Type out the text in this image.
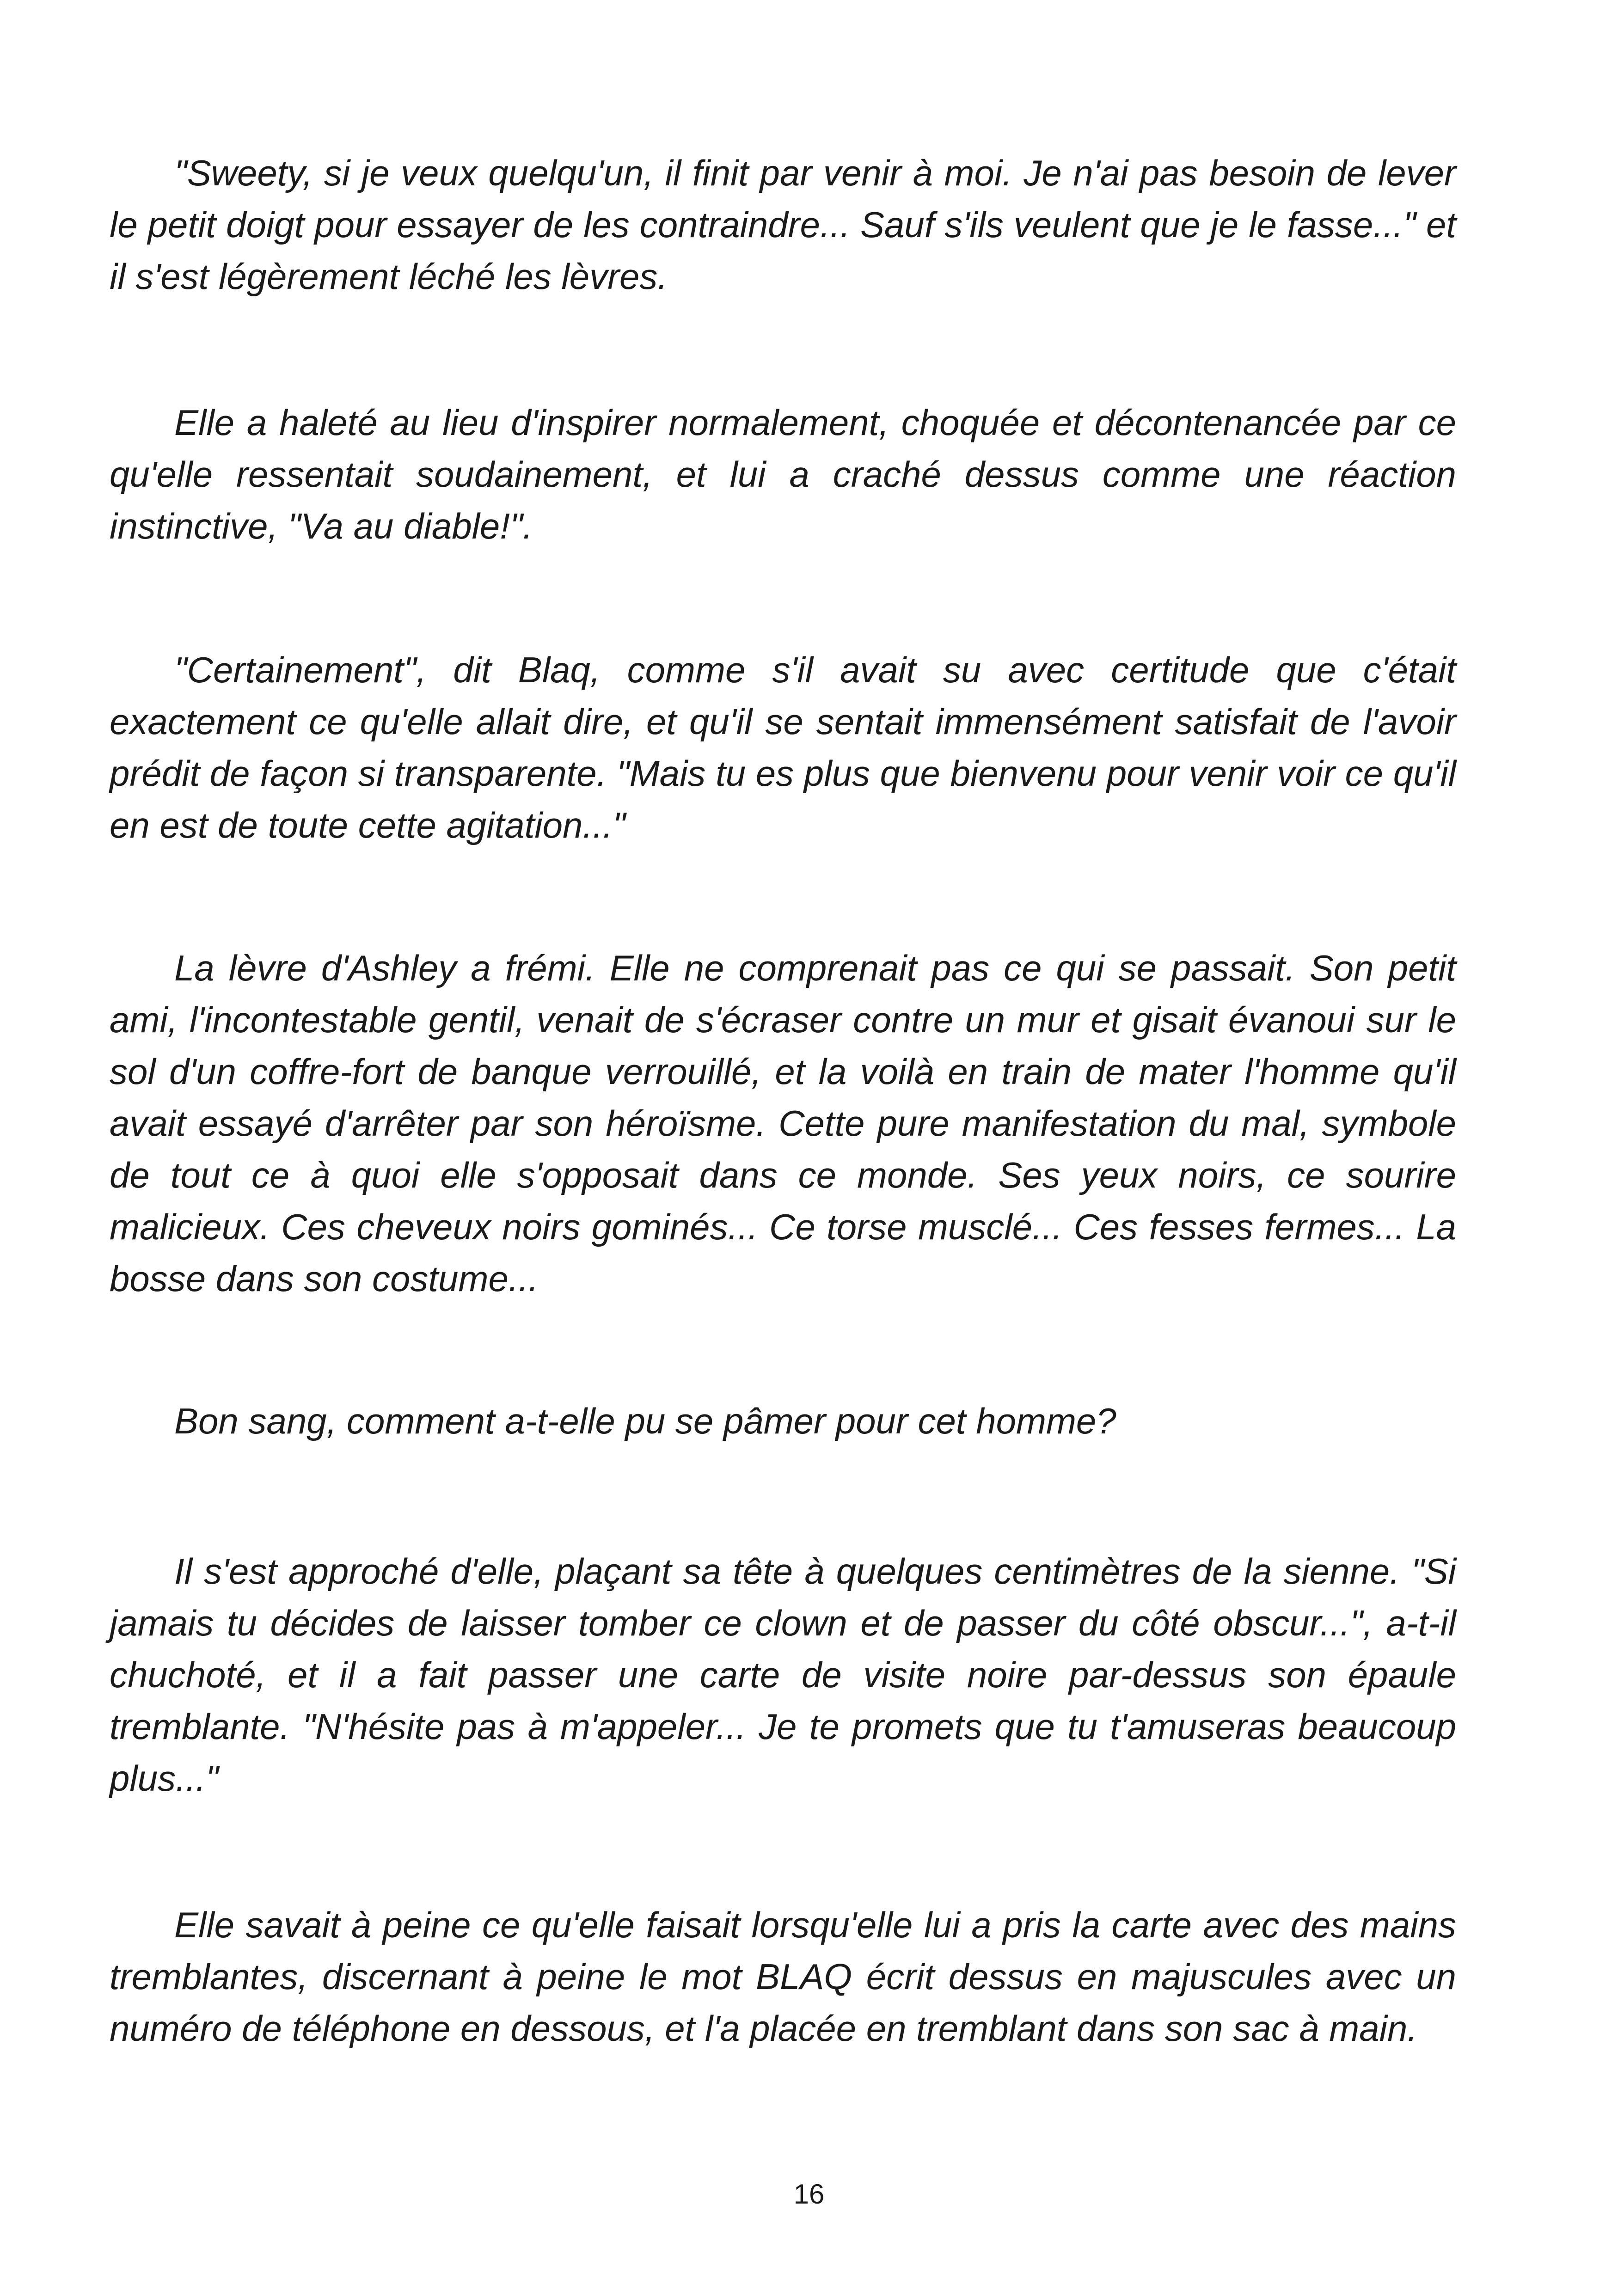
"Sweety, si je veux quelqu'un, il finit par venir à moi. Je n'ai pas besoin de lever le petit doigt pour essayer de les contraindre... Sauf s'ils veulent que je le fasse..." et il s'est légèrement léché les lèvres.

Elle a haleté au lieu d'inspirer normalement, choquée et décontenancée par ce qu'elle ressentait soudainement, et lui a craché dessus comme une réaction instinctive, "Va au diable!".

"Certainement", dit Blaq, comme s'il avait su avec certitude que c'était exactement ce qu'elle allait dire, et qu'il se sentait immensément satisfait de l'avoir prédit de façon si transparente. "Mais tu es plus que bienvenu pour venir voir ce qu'il en est de toute cette agitation..."

La lèvre d'Ashley a frémi. Elle ne comprenait pas ce qui se passait. Son petit ami, l'incontestable gentil, venait de s'écraser contre un mur et gisait évanoui sur le sol d'un coffre-fort de banque verrouillé, et la voilà en train de mater l'homme qu'il avait essayé d'arrêter par son héroïsme. Cette pure manifestation du mal, symbole de tout ce à quoi elle s'opposait dans ce monde. Ses yeux noirs, ce sourire malicieux. Ces cheveux noirs gominés... Ce torse musclé... Ces fesses fermes... La bosse dans son costume...

Bon sang, comment a-t-elle pu se pâmer pour cet homme?

Il s'est approché d'elle, plaçant sa tête à quelques centimètres de la sienne. "Si jamais tu décides de laisser tomber ce clown et de passer du côté obscur...", a-t-il chuchoté, et il a fait passer une carte de visite noire par-dessus son épaule tremblante. "N'hésite pas à m'appeler... Je te promets que tu t'amuseras beaucoup plus..."

Elle savait à peine ce qu'elle faisait lorsqu'elle lui a pris la carte avec des mains tremblantes, discernant à peine le mot BLAQ écrit dessus en majuscules avec un numéro de téléphone en dessous, et l'a placée en tremblant dans son sac à main.

16
